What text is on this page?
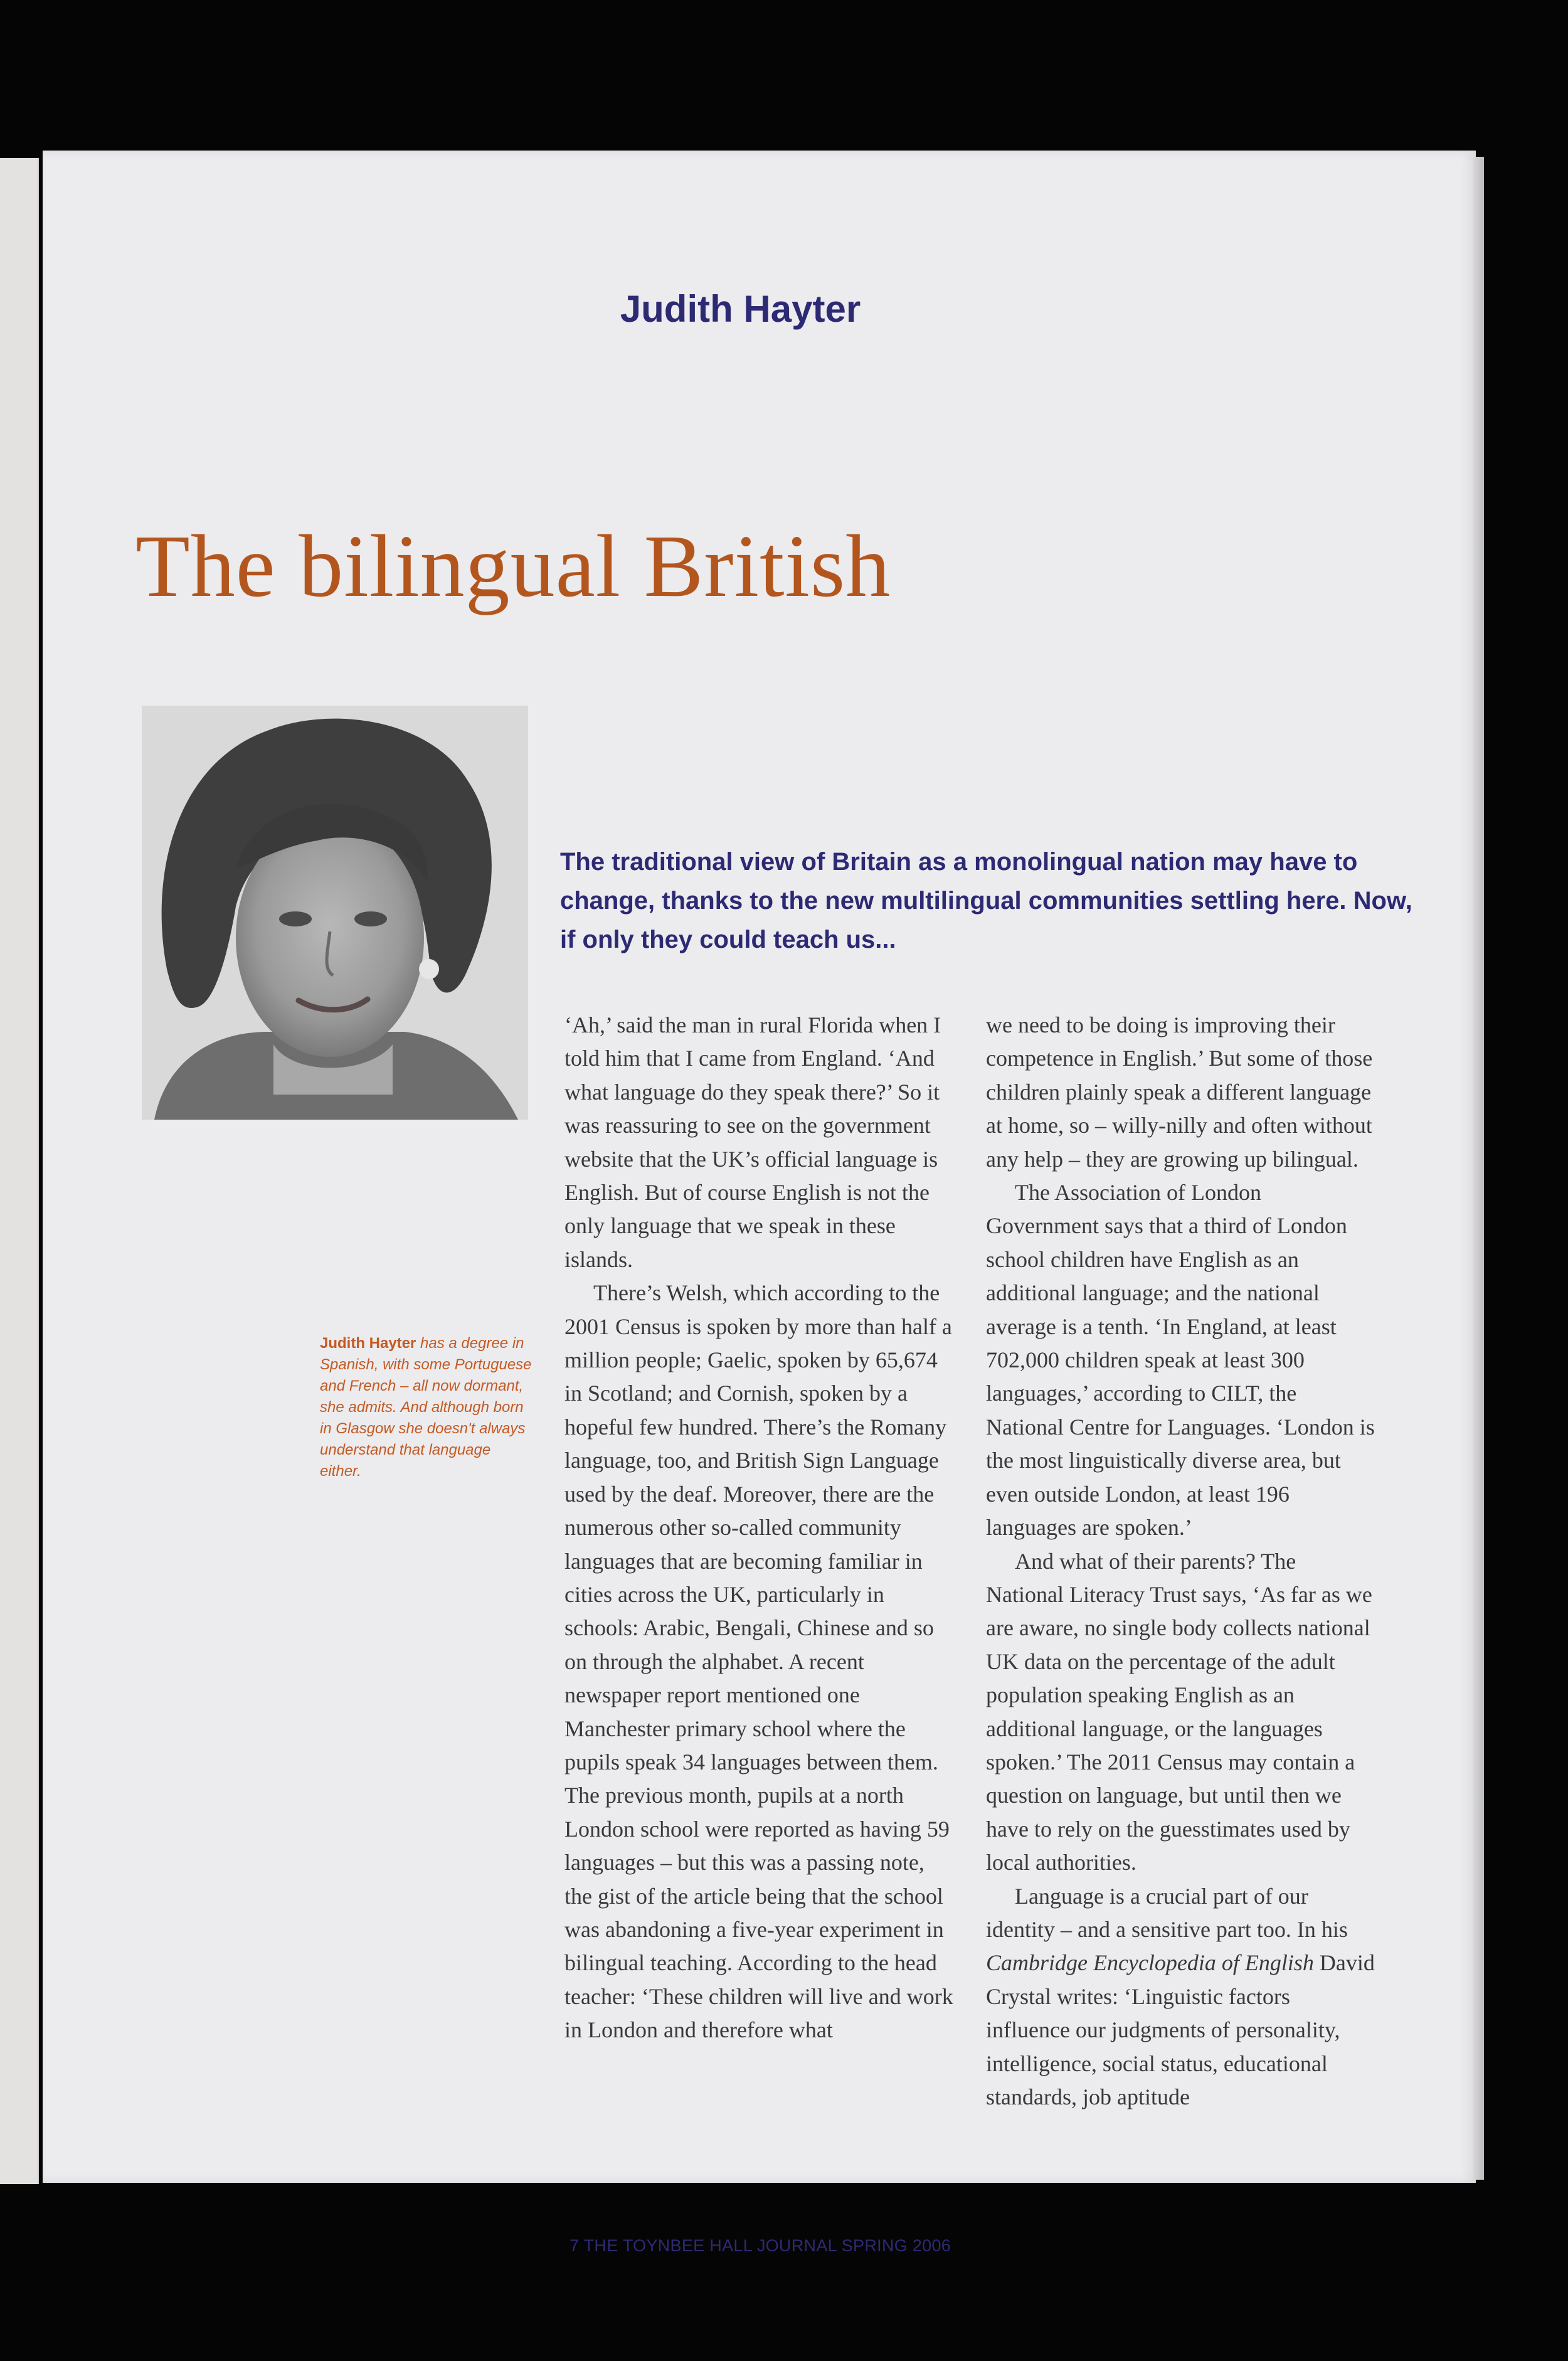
Judith Hayter
The bilingual British
Judith Hayter has a degree in Spanish, with some Portuguese and French – all now dormant, she admits. And although born in Glasgow she doesn't always understand that language either.
The traditional view of Britain as a monolingual nation may have to change, thanks to the new multilingual communities settling here. Now, if only they could teach us...

‘Ah,’ said the man in rural Florida when I told him that I came from England. ‘And what language do they speak there?’ So it was reassuring to see on the government website that the UK’s official language is English. But of course English is not the only language that we speak in these islands.

There’s Welsh, which according to the 2001 Census is spoken by more than half a million people; Gaelic, spoken by 65,674 in Scotland; and Cornish, spoken by a hopeful few hundred. There’s the Romany language, too, and British Sign Language used by the deaf. Moreover, there are the numerous other so-called community languages that are becoming familiar in cities across the UK, particularly in schools: Arabic, Bengali, Chinese and so on through the alphabet. A recent newspaper report mentioned one Manchester primary school where the pupils speak 34 languages between them. The previous month, pupils at a north London school were reported as having 59 languages – but this was a passing note, the gist of the article being that the school was abandoning a five-year experiment in bilingual teaching. According to the head teacher: ‘These children will live and work in London and therefore what

we need to be doing is improving their competence in English.’ But some of those children plainly speak a different language at home, so – willy-nilly and often without any help – they are growing up bilingual.

The Association of London Government says that a third of London school children have English as an additional language; and the national average is a tenth. ‘In England, at least 702,000 children speak at least 300 languages,’ according to CILT, the National Centre for Languages. ‘London is the most linguistically diverse area, but even outside London, at least 196 languages are spoken.’

And what of their parents? The National Literacy Trust says, ‘As far as we are aware, no single body collects national UK data on the percentage of the adult population speaking English as an additional language, or the languages spoken.’ The 2011 Census may contain a question on language, but until then we have to rely on the guesstimates used by local authorities.

Language is a crucial part of our identity – and a sensitive part too. In his Cambridge Encyclopedia of English David Crystal writes: ‘Linguistic factors influence our judgments of personality, intelligence, social status, educational standards, job aptitude

7 THE TOYNBEE HALL JOURNAL SPRING 2006
